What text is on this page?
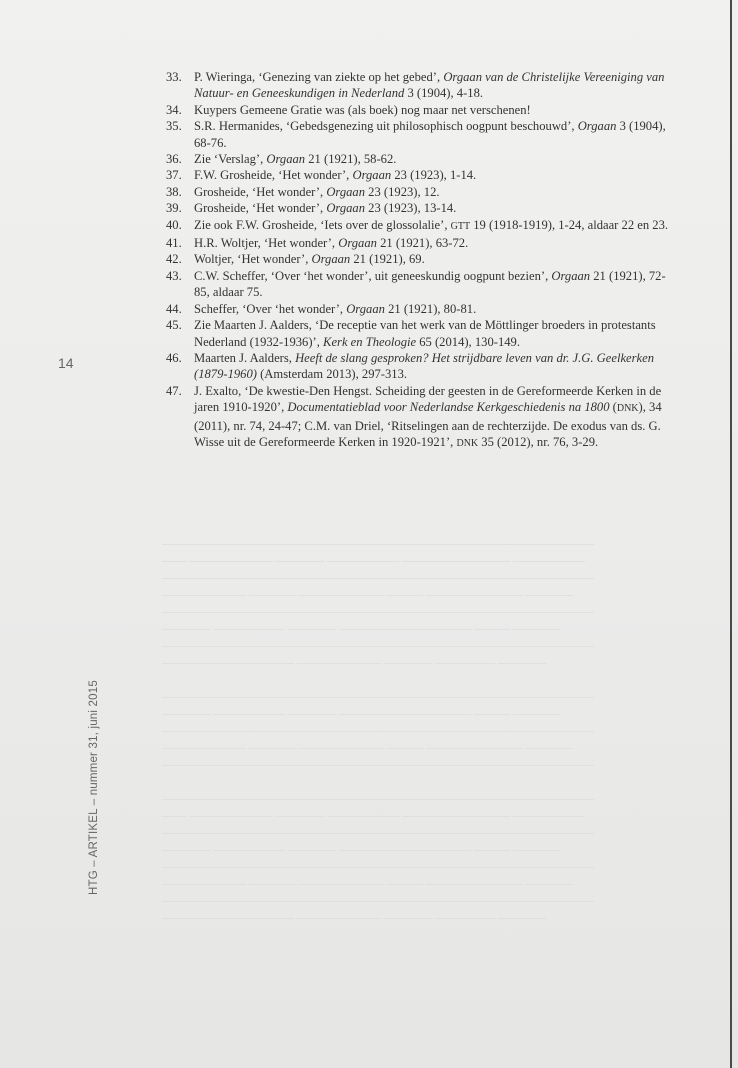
————————————————————————————————————
—— ——————— ———— —————— ————————— ——————
————————————————————————————————————
——————— ———— ——————— ——— ———————— ————
————————————————————————————————————
———— —————— ———— ——————————— ——— ————
————————————————————————————————————
——————————— ——————— ———— ————— ————
————————————————————————————————————
———— —————— ———— ——————————— ——— ————
————————————————————————————————————
——————— ———— ——————— ——— ———————— ————
————————————————————————————————————
————————————————————————————————————
—— ——————— ———— —————— ————————— ——————
————————————————————————————————————
———— —————— ———— ——————————— ——— ————
————————————————————————————————————
——————— ———— ——————— ——— ———————— ————
————————————————————————————————————
——————————— ——————— ———— ————— ————
14
HTG – ARTIKEL – nummer 31, juni 2015
33. P. Wieringa, ‘Genezing van ziekte op het gebed’, Orgaan van de Christelijke Vereeniging van Natuur- en Geneeskundigen in Nederland 3 (1904), 4-18.
34. Kuypers Gemeene Gratie was (als boek) nog maar net verschenen!
35. S.R. Hermanides, ‘Gebedsgenezing uit philosophisch oogpunt beschouwd’, Orgaan 3 (1904), 68-76.
36. Zie ‘Verslag’, Orgaan 21 (1921), 58-62.
37. F.W. Grosheide, ‘Het wonder’, Orgaan 23 (1923), 1-14.
38. Grosheide, ‘Het wonder’, Orgaan 23 (1923), 12.
39. Grosheide, ‘Het wonder’, Orgaan 23 (1923), 13-14.
40. Zie ook F.W. Grosheide, ‘Iets over de glossolalie’, GTT 19 (1918-1919), 1-24, aldaar 22 en 23.
41. H.R. Woltjer, ‘Het wonder’, Orgaan 21 (1921), 63-72.
42. Woltjer, ‘Het wonder’, Orgaan 21 (1921), 69.
43. C.W. Scheffer, ‘Over ‘het wonder’, uit geneeskundig oogpunt bezien’, Orgaan 21 (1921), 72-85, aldaar 75.
44. Scheffer, ‘Over ‘het wonder’, Orgaan 21 (1921), 80-81.
45. Zie Maarten J. Aalders, ‘De receptie van het werk van de Möttlinger broeders in protestants Nederland (1932-1936)’, Kerk en Theologie 65 (2014), 130-149.
46. Maarten J. Aalders, Heeft de slang gesproken? Het strijdbare leven van dr. J.G. Geelkerken (1879-1960) (Amsterdam 2013), 297-313.
47. J. Exalto, ‘De kwestie-Den Hengst. Scheiding der geesten in de Gereformeerde Kerken in de jaren 1910-1920’, Documentatieblad voor Nederlandse Kerkgeschiedenis na 1800 (DNK), 34 (2011), nr. 74, 24-47; C.M. van Driel, ‘Ritselingen aan de rechterzijde. De exodus van ds. G. Wisse uit de Gereformeerde Kerken in 1920-1921’, DNK 35 (2012), nr. 76, 3-29.
